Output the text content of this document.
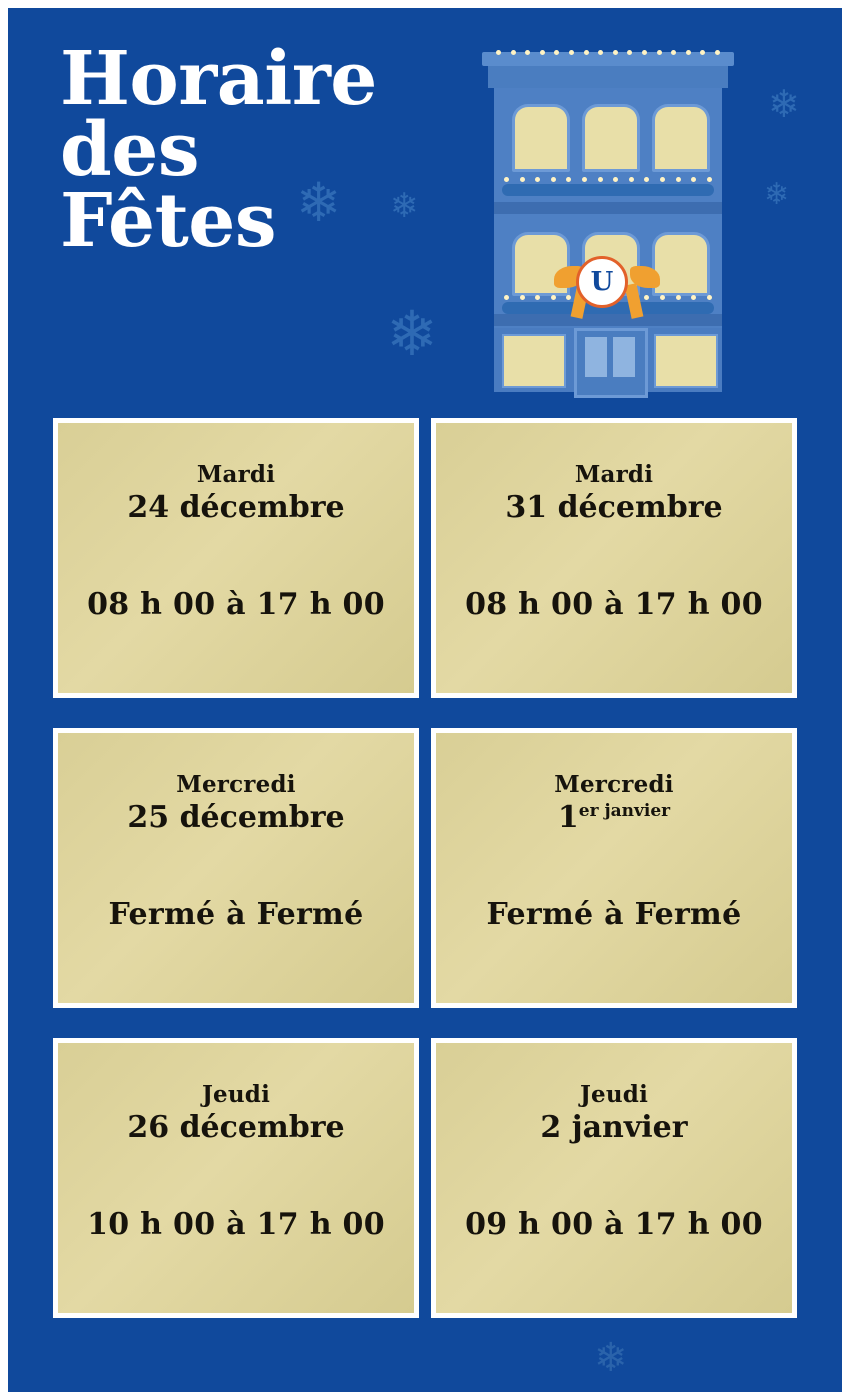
Horaire
des
Fêtes ❄ ❄
❄
❄
❄
U
Mardi
24 décembre
08 h 00 à 17 h 00
Mardi
31 décembre
08 h 00 à 17 h 00
Mercredi
25 décembre
Fermé à Fermé
Mercredi
$1^{er janvier}$
Fermé à Fermé
Jeudi
26 décembre
10 h 00 à 17 h 00
Jeudi
2 janvier
09 h 00 à 17 h 00
❄
